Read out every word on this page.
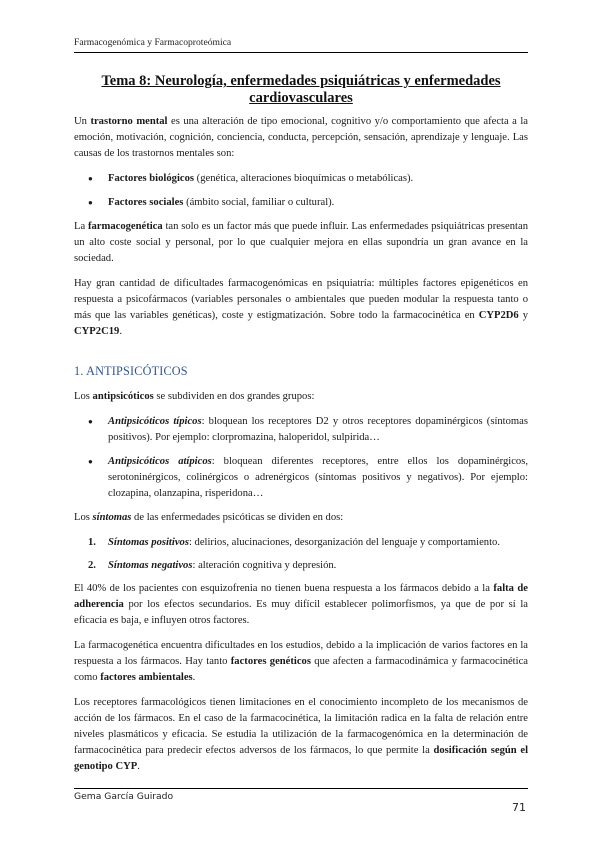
Farmacogenómica y Farmacoproteómica
Tema 8: Neurología, enfermedades psiquiátricas y enfermedades cardiovasculares

Un trastorno mental es una alteración de tipo emocional, cognitivo y/o comportamiento que afecta a la emoción, motivación, cognición, conciencia, conducta, percepción, sensación, aprendizaje y lenguaje. Las causas de los trastornos mentales son:

● Factores biológicos (genética, alteraciones bioquímicas o metabólicas).
● Factores sociales (ámbito social, familiar o cultural).

La farmacogenética tan solo es un factor más que puede influir. Las enfermedades psiquiátricas presentan un alto coste social y personal, por lo que cualquier mejora en ellas supondría un gran avance en la sociedad.

Hay gran cantidad de dificultades farmacogenómicas en psiquiatría: múltiples factores epigenéticos en respuesta a psicofármacos (variables personales o ambientales que pueden modular la respuesta tanto o más que las variables genéticas), coste y estigmatización. Sobre todo la farmacocinética en CYP2D6 y CYP2C19.

1. ANTIPSICÓTICOS

Los antipsicóticos se subdividen en dos grandes grupos:

● Antipsicóticos típicos: bloquean los receptores D2 y otros receptores dopaminérgicos (síntomas positivos). Por ejemplo: clorpromazina, haloperidol, sulpirida…
● Antipsicóticos atípicos: bloquean diferentes receptores, entre ellos los dopaminérgicos, serotoninérgicos, colinérgicos o adrenérgicos (síntomas positivos y negativos). Por ejemplo: clozapina, olanzapina, risperidona…

Los síntomas de las enfermedades psicóticas se dividen en dos:

1. Síntomas positivos: delirios, alucinaciones, desorganización del lenguaje y comportamiento.
2. Síntomas negativos: alteración cognitiva y depresión.

El 40% de los pacientes con esquizofrenia no tienen buena respuesta a los fármacos debido a la falta de adherencia por los efectos secundarios. Es muy difícil establecer polimorfismos, ya que de por sí la eficacia es baja, e influyen otros factores.

La farmacogenética encuentra dificultades en los estudios, debido a la implicación de varios factores en la respuesta a los fármacos. Hay tanto factores genéticos que afecten a farmacodinámica y farmacocinética como factores ambientales.

Los receptores farmacológicos tienen limitaciones en el conocimiento incompleto de los mecanismos de acción de los fármacos. En el caso de la farmacocinética, la limitación radica en la falta de relación entre niveles plasmáticos y eficacia. Se estudia la utilización de la farmacogenómica en la determinación de farmacocinética para predecir efectos adversos de los fármacos, lo que permite la dosificación según el genotipo CYP.

Gema García Guirado
71
